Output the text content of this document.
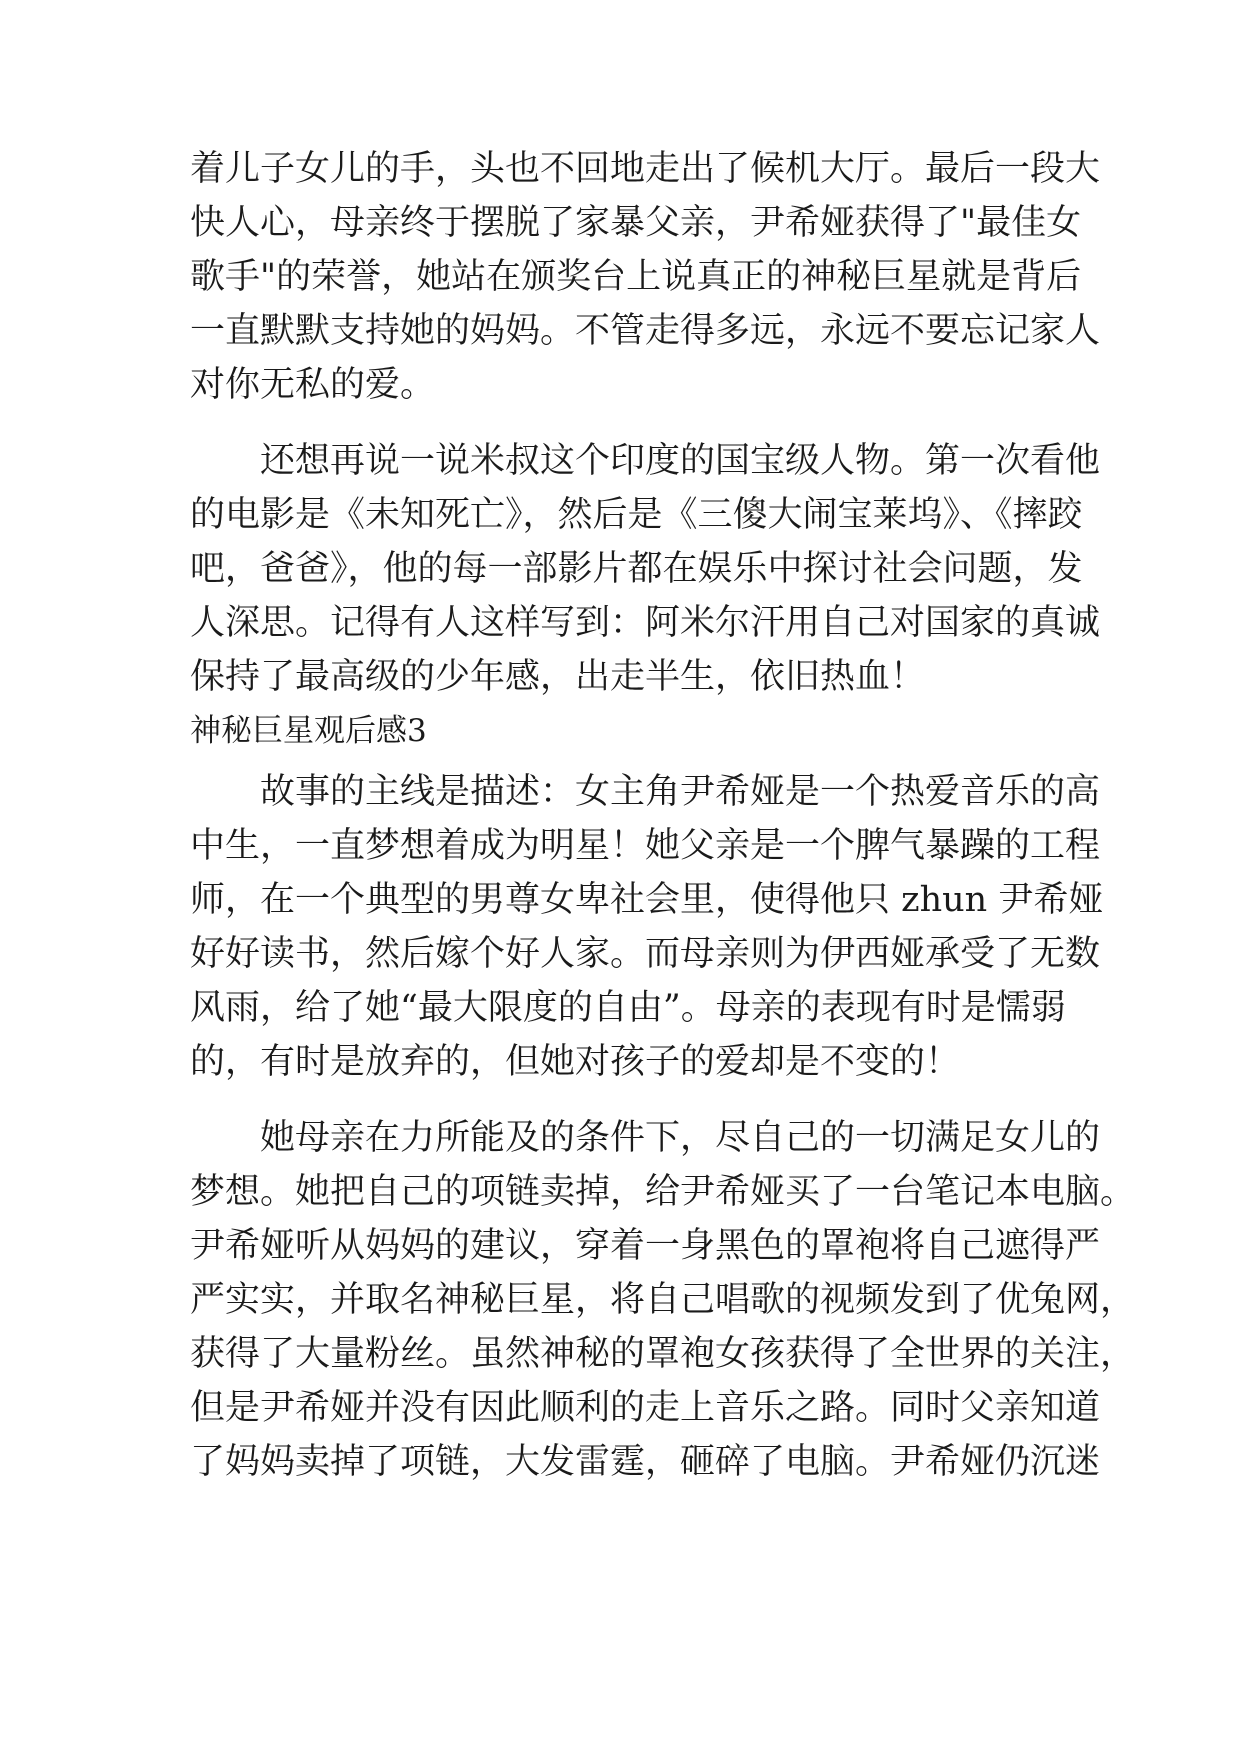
着儿子女儿的手，头也不回地走出了候机大厅。最后一段大
快人心，母亲终于摆脱了家暴父亲，尹希娅获得了"最佳女
歌手"的荣誉，她站在颁奖台上说真正的神秘巨星就是背后
一直默默支持她的妈妈。不管走得多远，永远不要忘记家人
对你无私的爱。
　　还想再说一说米叔这个印度的国宝级人物。第一次看他
的电影是《未知死亡》，然后是《三傻大闹宝莱坞》、《摔跤
吧，爸爸》，他的每一部影片都在娱乐中探讨社会问题，发
人深思。记得有人这样写到：阿米尔汗用自己对国家的真诚
保持了最高级的少年感，出走半生，依旧热血！
神秘巨星观后感3
　　故事的主线是描述：女主角尹希娅是一个热爱音乐的高
中生，一直梦想着成为明星！她父亲是一个脾气暴躁的工程
师，在一个典型的男尊女卑社会里，使得他只 zhun 尹希娅
好好读书，然后嫁个好人家。而母亲则为伊西娅承受了无数
风雨，给了她“最大限度的自由”。母亲的表现有时是懦弱
的，有时是放弃的，但她对孩子的爱却是不变的！
　　她母亲在力所能及的条件下，尽自己的一切满足女儿的
梦想。她把自己的项链卖掉，给尹希娅买了一台笔记本电脑。
尹希娅听从妈妈的建议，穿着一身黑色的罩袍将自己遮得严
严实实，并取名神秘巨星，将自己唱歌的视频发到了优兔网，
获得了大量粉丝。虽然神秘的罩袍女孩获得了全世界的关注，
但是尹希娅并没有因此顺利的走上音乐之路。同时父亲知道
了妈妈卖掉了项链，大发雷霆，砸碎了电脑。尹希娅仍沉迷
